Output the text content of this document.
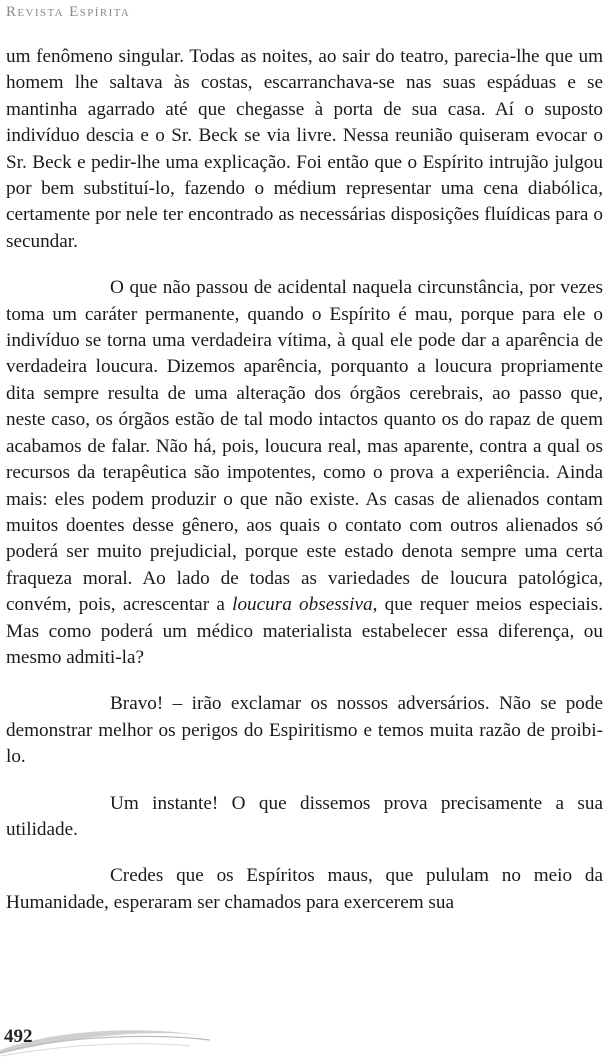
Revista Espírita

um fenômeno singular. Todas as noites, ao sair do teatro, parecia-lhe que um homem lhe saltava às costas, escarranchava-se nas suas espáduas e se mantinha agarrado até que chegasse à porta de sua casa. Aí o suposto indivíduo descia e o Sr. Beck se via livre. Nessa reunião quiseram evocar o Sr. Beck e pedir-lhe uma explicação. Foi então que o Espírito intrujão julgou por bem substituí-lo, fazendo o médium representar uma cena diabólica, certamente por nele ter encontrado as necessárias disposições fluídicas para o secundar.

O que não passou de acidental naquela circunstância, por vezes toma um caráter permanente, quando o Espírito é mau, porque para ele o indivíduo se torna uma verdadeira vítima, à qual ele pode dar a aparência de verdadeira loucura. Dizemos aparência, porquanto a loucura propriamente dita sempre resulta de uma alteração dos órgãos cerebrais, ao passo que, neste caso, os órgãos estão de tal modo intactos quanto os do rapaz de quem acabamos de falar. Não há, pois, loucura real, mas aparente, contra a qual os recursos da terapêutica são impotentes, como o prova a experiência. Ainda mais: eles podem produzir o que não existe. As casas de alienados contam muitos doentes desse gênero, aos quais o contato com outros alienados só poderá ser muito prejudicial, porque este estado denota sempre uma certa fraqueza moral. Ao lado de todas as variedades de loucura patológica, convém, pois, acrescentar a loucura obsessiva, que requer meios especiais. Mas como poderá um médico materialista estabelecer essa diferença, ou mesmo admiti-la?

Bravo! – irão exclamar os nossos adversários. Não se pode demonstrar melhor os perigos do Espiritismo e temos muita razão de proibi-lo.

Um instante! O que dissemos prova precisamente a sua utilidade.

Credes que os Espíritos maus, que pululam no meio da Humanidade, esperaram ser chamados para exercerem sua

492
